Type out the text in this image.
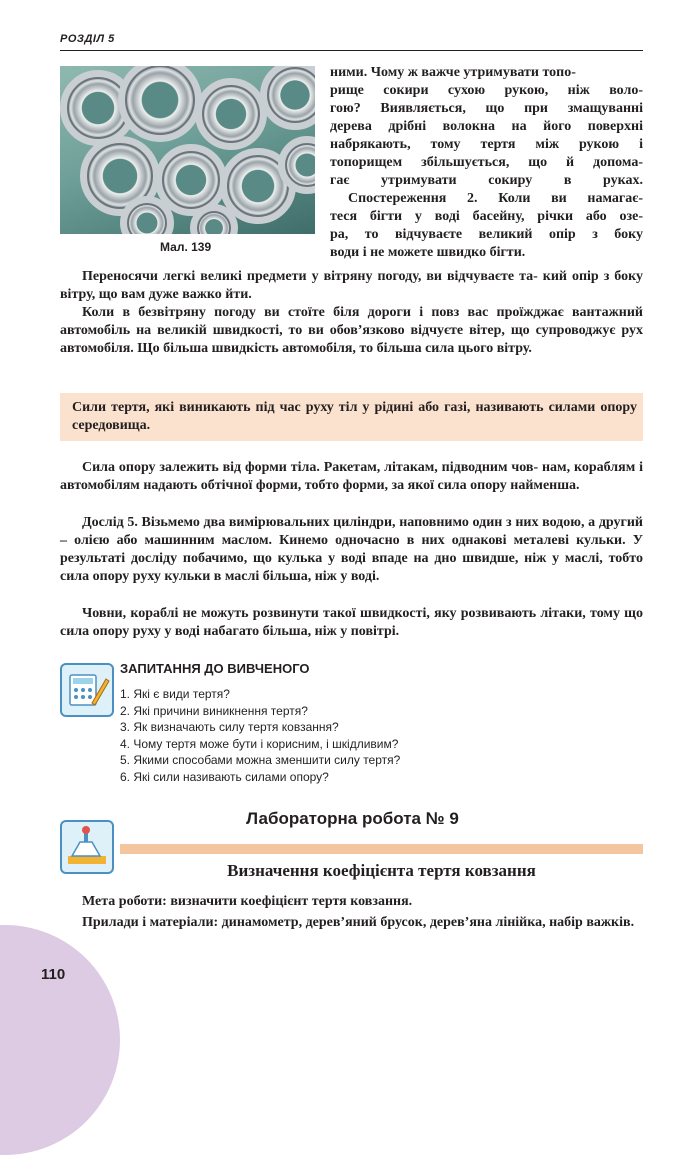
РОЗДІЛ 5
Мал. 139
ними. Чому ж важче утримувати топо-
рище сокири сухою рукою, ніж воло-
гою? Виявляється, що при змащуванні
дерева дрібні волокна на його поверхні
набрякають, тому тертя між рукою і
топорищем збільшується, що й допома-
гає утримувати сокиру в руках.
Спостереження 2. Коли ви намагає-
теся бігти у воді басейну, річки або озе-
ра, то відчуваєте великий опір з боку
води і не можете швидко бігти.
Переносячи легкі великі предмети у вітряну погоду, ви відчуваєте та- кий опір з боку вітру, що вам дуже важко йти.
Коли в безвітряну погоду ви стоїте біля дороги і повз вас проїжджає вантажний автомобіль на великій швидкості, то ви обов’язково відчуєте вітер, що супроводжує рух автомобіля. Що більша швидкість автомобіля, то більша сила цього вітру.
Сили тертя, які виникають під час руху тіл у рідині або газі, називають силами опору середовища.
Сила опору залежить від форми тіла. Ракетам, літакам, підводним чов- нам, кораблям і автомобілям надають обтічної форми, тобто форми, за якої сила опору найменша.
Дослід 5. Візьмемо два вимірювальних циліндри, наповнимо один з них водою, а другий – олією або машинним маслом. Кинемо одночасно в них однакові металеві кульки. У результаті досліду побачимо, що кулька у воді впаде на дно швидше, ніж у маслі, тобто сила опору руху кульки в маслі більша, ніж у воді.
Човни, кораблі не можуть розвинути такої швидкості, яку розвивають літаки, тому що сила опору руху у воді набагато більша, ніж у повітрі.
ЗАПИТАННЯ ДО ВИВЧЕНОГО
1. Які є види тертя?
2. Які причини виникнення тертя?
3. Як визначають силу тертя ковзання?
4. Чому тертя може бути і корисним, і шкідливим?
5. Якими способами можна зменшити силу тертя?
6. Які сили називають силами опору?
Лабораторна робота № 9
Визначення коефіцієнта тертя ковзання
Мета роботи: визначити коефіцієнт тертя ковзання.
Прилади і матеріали: динамометр, дерев’яний брусок, дерев’яна лінійка, набір важків.
110
